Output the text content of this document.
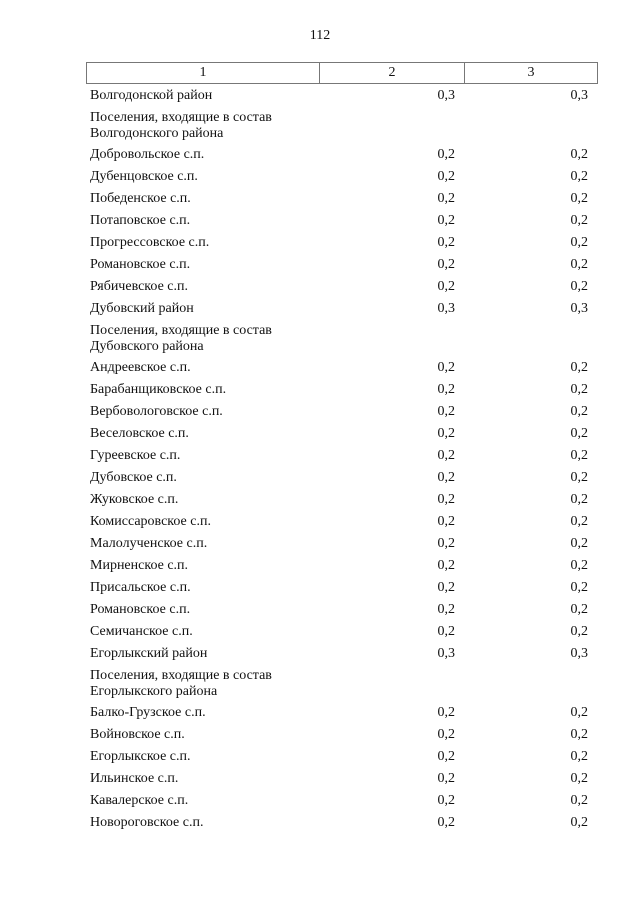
112
1	2	3
Волгодонской район	0,3	0,3
Поселения, входящие в состав
Волгодонского района
Добровольское с.п.	0,2	0,2
Дубенцовское с.п.	0,2	0,2
Победенское с.п.	0,2	0,2
Потаповское с.п.	0,2	0,2
Прогрессовское с.п.	0,2	0,2
Романовское с.п.	0,2	0,2
Рябичевское с.п.	0,2	0,2
Дубовский район	0,3	0,3
Поселения, входящие в состав
Дубовского района
Андреевское с.п.	0,2	0,2
Барабанщиковское с.п.	0,2	0,2
Вербовологовское с.п.	0,2	0,2
Веселовское с.п.	0,2	0,2
Гуреевское с.п.	0,2	0,2
Дубовское с.п.	0,2	0,2
Жуковское с.п.	0,2	0,2
Комиссаровское с.п.	0,2	0,2
Малолученское с.п.	0,2	0,2
Мирненское с.п.	0,2	0,2
Присальское с.п.	0,2	0,2
Романовское с.п.	0,2	0,2
Семичанское с.п.	0,2	0,2
Егорлыкский район	0,3	0,3
Поселения, входящие в состав
Егорлыкского района
Балко-Грузское с.п.	0,2	0,2
Войновское с.п.	0,2	0,2
Егорлыкское с.п.	0,2	0,2
Ильинское с.п.	0,2	0,2
Кавалерское с.п.	0,2	0,2
Новороговское с.п.	0,2	0,2
